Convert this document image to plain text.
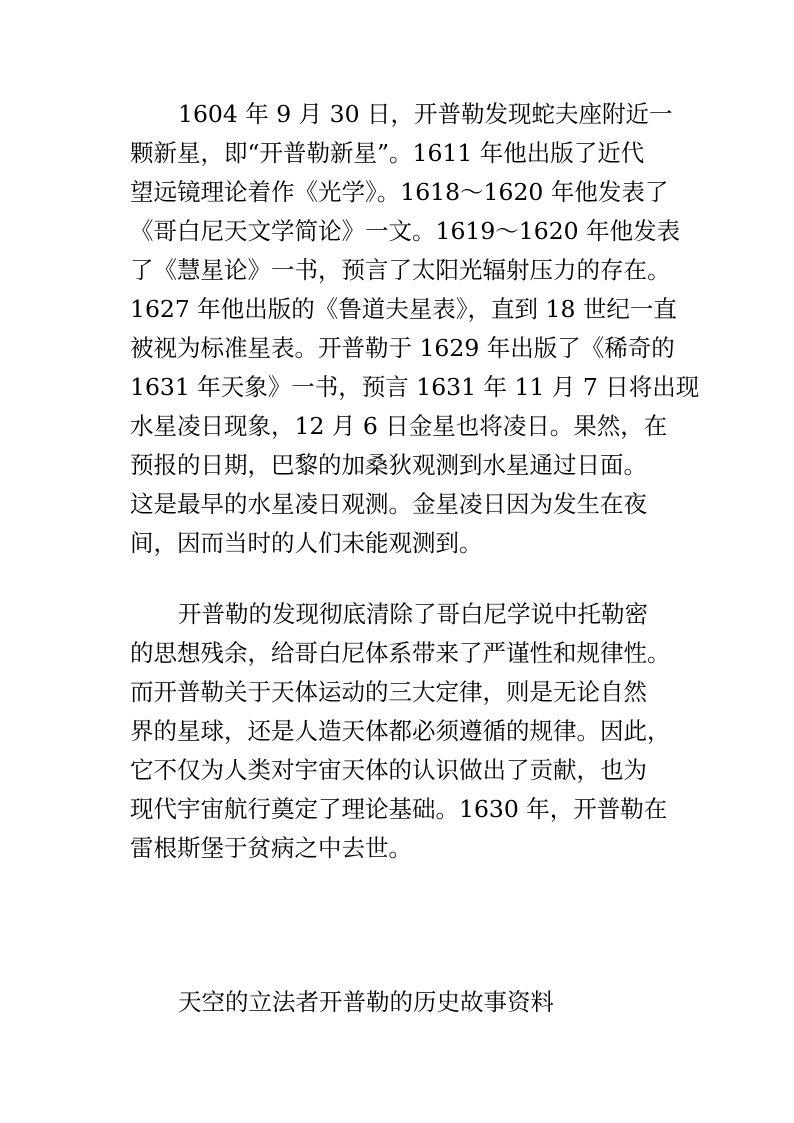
1604 年 9 月 30 日，开普勒发现蛇夫座附近一
颗新星，即“开普勒新星”。1611 年他出版了近代
望远镜理论着作《光学》。1618～1620 年他发表了
《哥白尼天文学简论》一文。1619～1620 年他发表
了《慧星论》一书，预言了太阳光辐射压力的存在。
1627 年他出版的《鲁道夫星表》，直到 18 世纪一直
被视为标准星表。开普勒于 1629 年出版了《稀奇的
1631 年天象》一书，预言 1631 年 11 月 7 日将出现
水星凌日现象，12 月 6 日金星也将凌日。果然，在
预报的日期，巴黎的加桑狄观测到水星通过日面。
这是最早的水星凌日观测。金星凌日因为发生在夜
间，因而当时的人们未能观测到。
开普勒的发现彻底清除了哥白尼学说中托勒密
的思想残余，给哥白尼体系带来了严谨性和规律性。
而开普勒关于天体运动的三大定律，则是无论自然
界的星球，还是人造天体都必须遵循的规律。因此，
它不仅为人类对宇宙天体的认识做出了贡献，也为
现代宇宙航行奠定了理论基础。1630 年，开普勒在
雷根斯堡于贫病之中去世。
天空的立法者开普勒的历史故事资料
